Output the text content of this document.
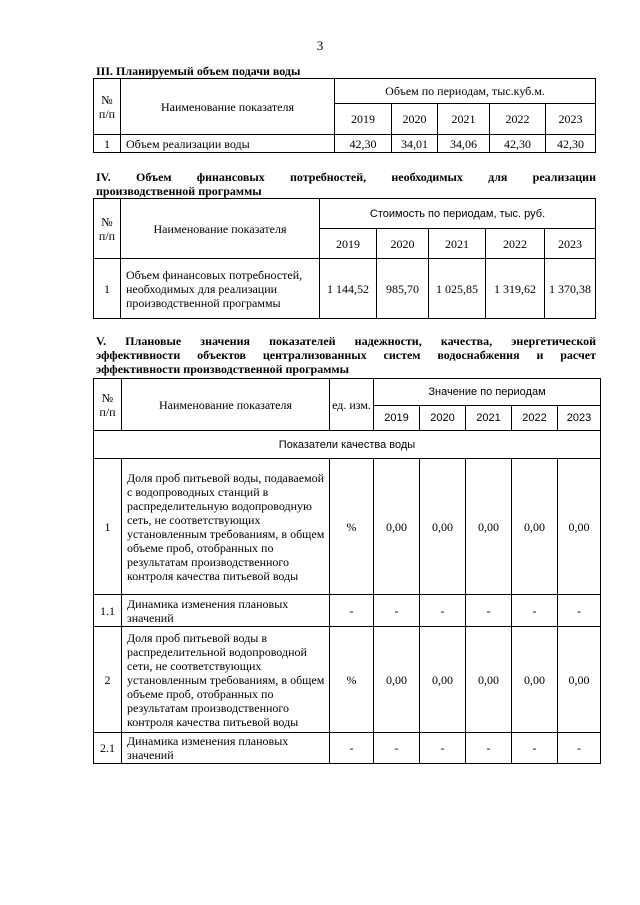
3
III. Планируемый объем подачи воды
№ п/п	Наименование показателя	Объем по периодам, тыс.куб.м.				
		2019	2020	2021	2022	2023
1	Объем реализации воды	42,30	34,01	34,06	42,30	42,30
IV. Объем финансовых потребностей, необходимых для реализации
производственной программы
№ п/п	Наименование показателя	Стоимость по периодам, тыс. руб.				
		2019	2020	2021	2022	2023
1	Объем финансовых потребностей, необходимых для реализации производственной программы	1 144,52	985,70	1 025,85	1 319,62	1 370,38
V. Плановые значения показателей надежности, качества, энергетической
эффективности объектов централизованных систем водоснабжения и расчет
эффективности производственной программы
№ п/п	Наименование показателя	ед. изм.	Значение по периодам				
			2019	2020	2021	2022	2023
Показатели качества воды							
1	Доля проб питьевой воды, подаваемой с водопроводных станций в распределительную водопроводную сеть, не соответствующих установленным требованиям, в общем объеме проб, отобранных по результатам производственного контроля качества питьевой воды	%	0,00	0,00	0,00	0,00	0,00
1.1	Динамика изменения плановых значений	-	-	-	-	-	-
2	Доля проб питьевой воды в распределительной водопроводной сети, не соответствующих установленным требованиям, в общем объеме проб, отобранных по результатам производственного контроля качества питьевой воды	%	0,00	0,00	0,00	0,00	0,00
2.1	Динамика изменения плановых значений	-	-	-	-	-	-
